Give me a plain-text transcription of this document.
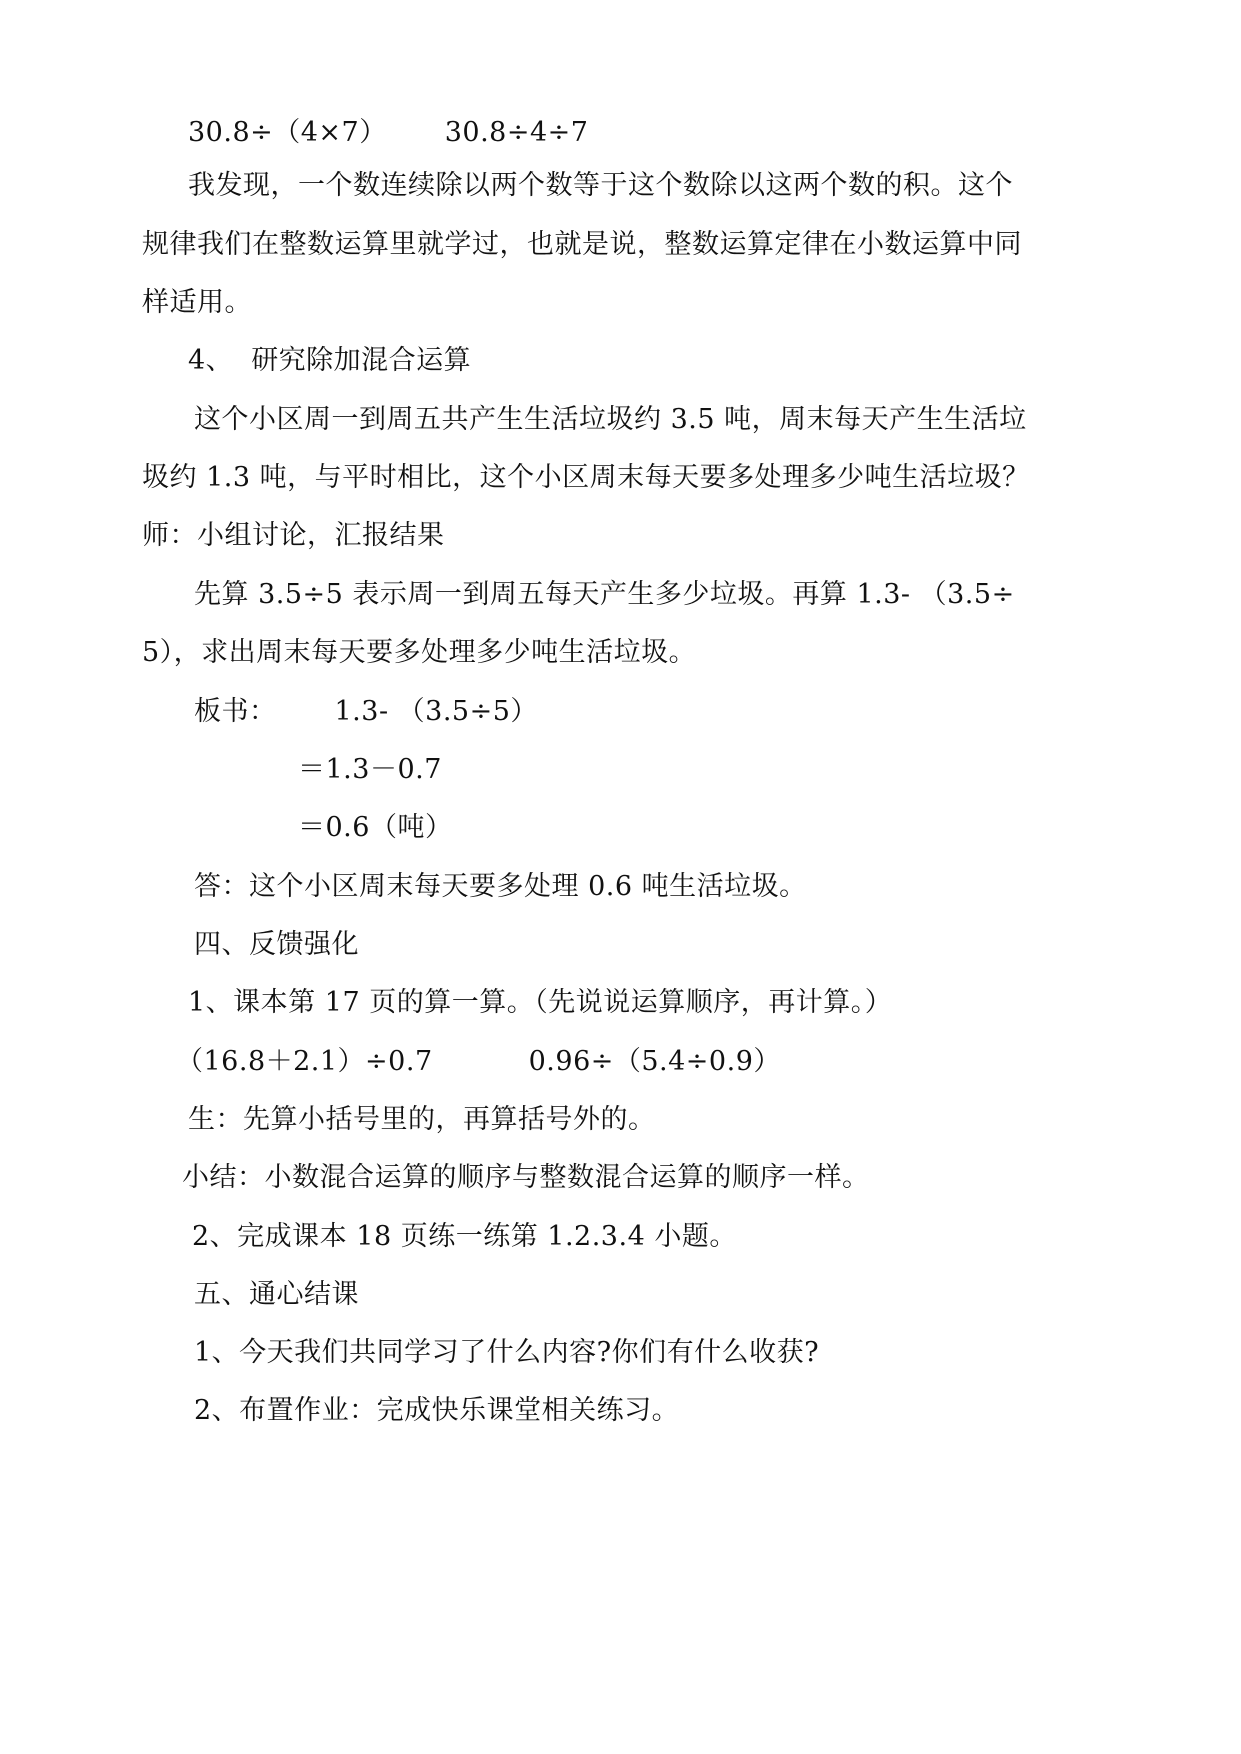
30.8÷（4×7） 30.8÷4÷7
我发现，一个数连续除以两个数等于这个数除以这两个数的积。这个
规律我们在整数运算里就学过，也就是说，整数运算定律在小数运算中同
样适用。
4、 研究除加混合运算
这个小区周一到周五共产生生活垃圾约 3.5 吨，周末每天产生生活垃
圾约 1.3 吨，与平时相比，这个小区周末每天要多处理多少吨生活垃圾？
师：小组讨论，汇报结果
先算 3.5÷5 表示周一到周五每天产生多少垃圾。再算 1.3- （3.5÷
5），求出周末每天要多处理多少吨生活垃圾。
板书： 1.3- （3.5÷5）
＝1.3－0.7
＝0.6（吨）
答：这个小区周末每天要多处理 0.6 吨生活垃圾。
四、反馈强化
1、课本第 17 页的算一算。（先说说运算顺序，再计算。）
（16.8＋2.1）÷0.7	0.96÷（5.4÷0.9）
生：先算小括号里的，再算括号外的。
小结：小数混合运算的顺序与整数混合运算的顺序一样。
2、完成课本 18 页练一练第 1.2.3.4 小题。
五、通心结课
1、今天我们共同学习了什么内容?你们有什么收获?
2、布置作业：完成快乐课堂相关练习。
